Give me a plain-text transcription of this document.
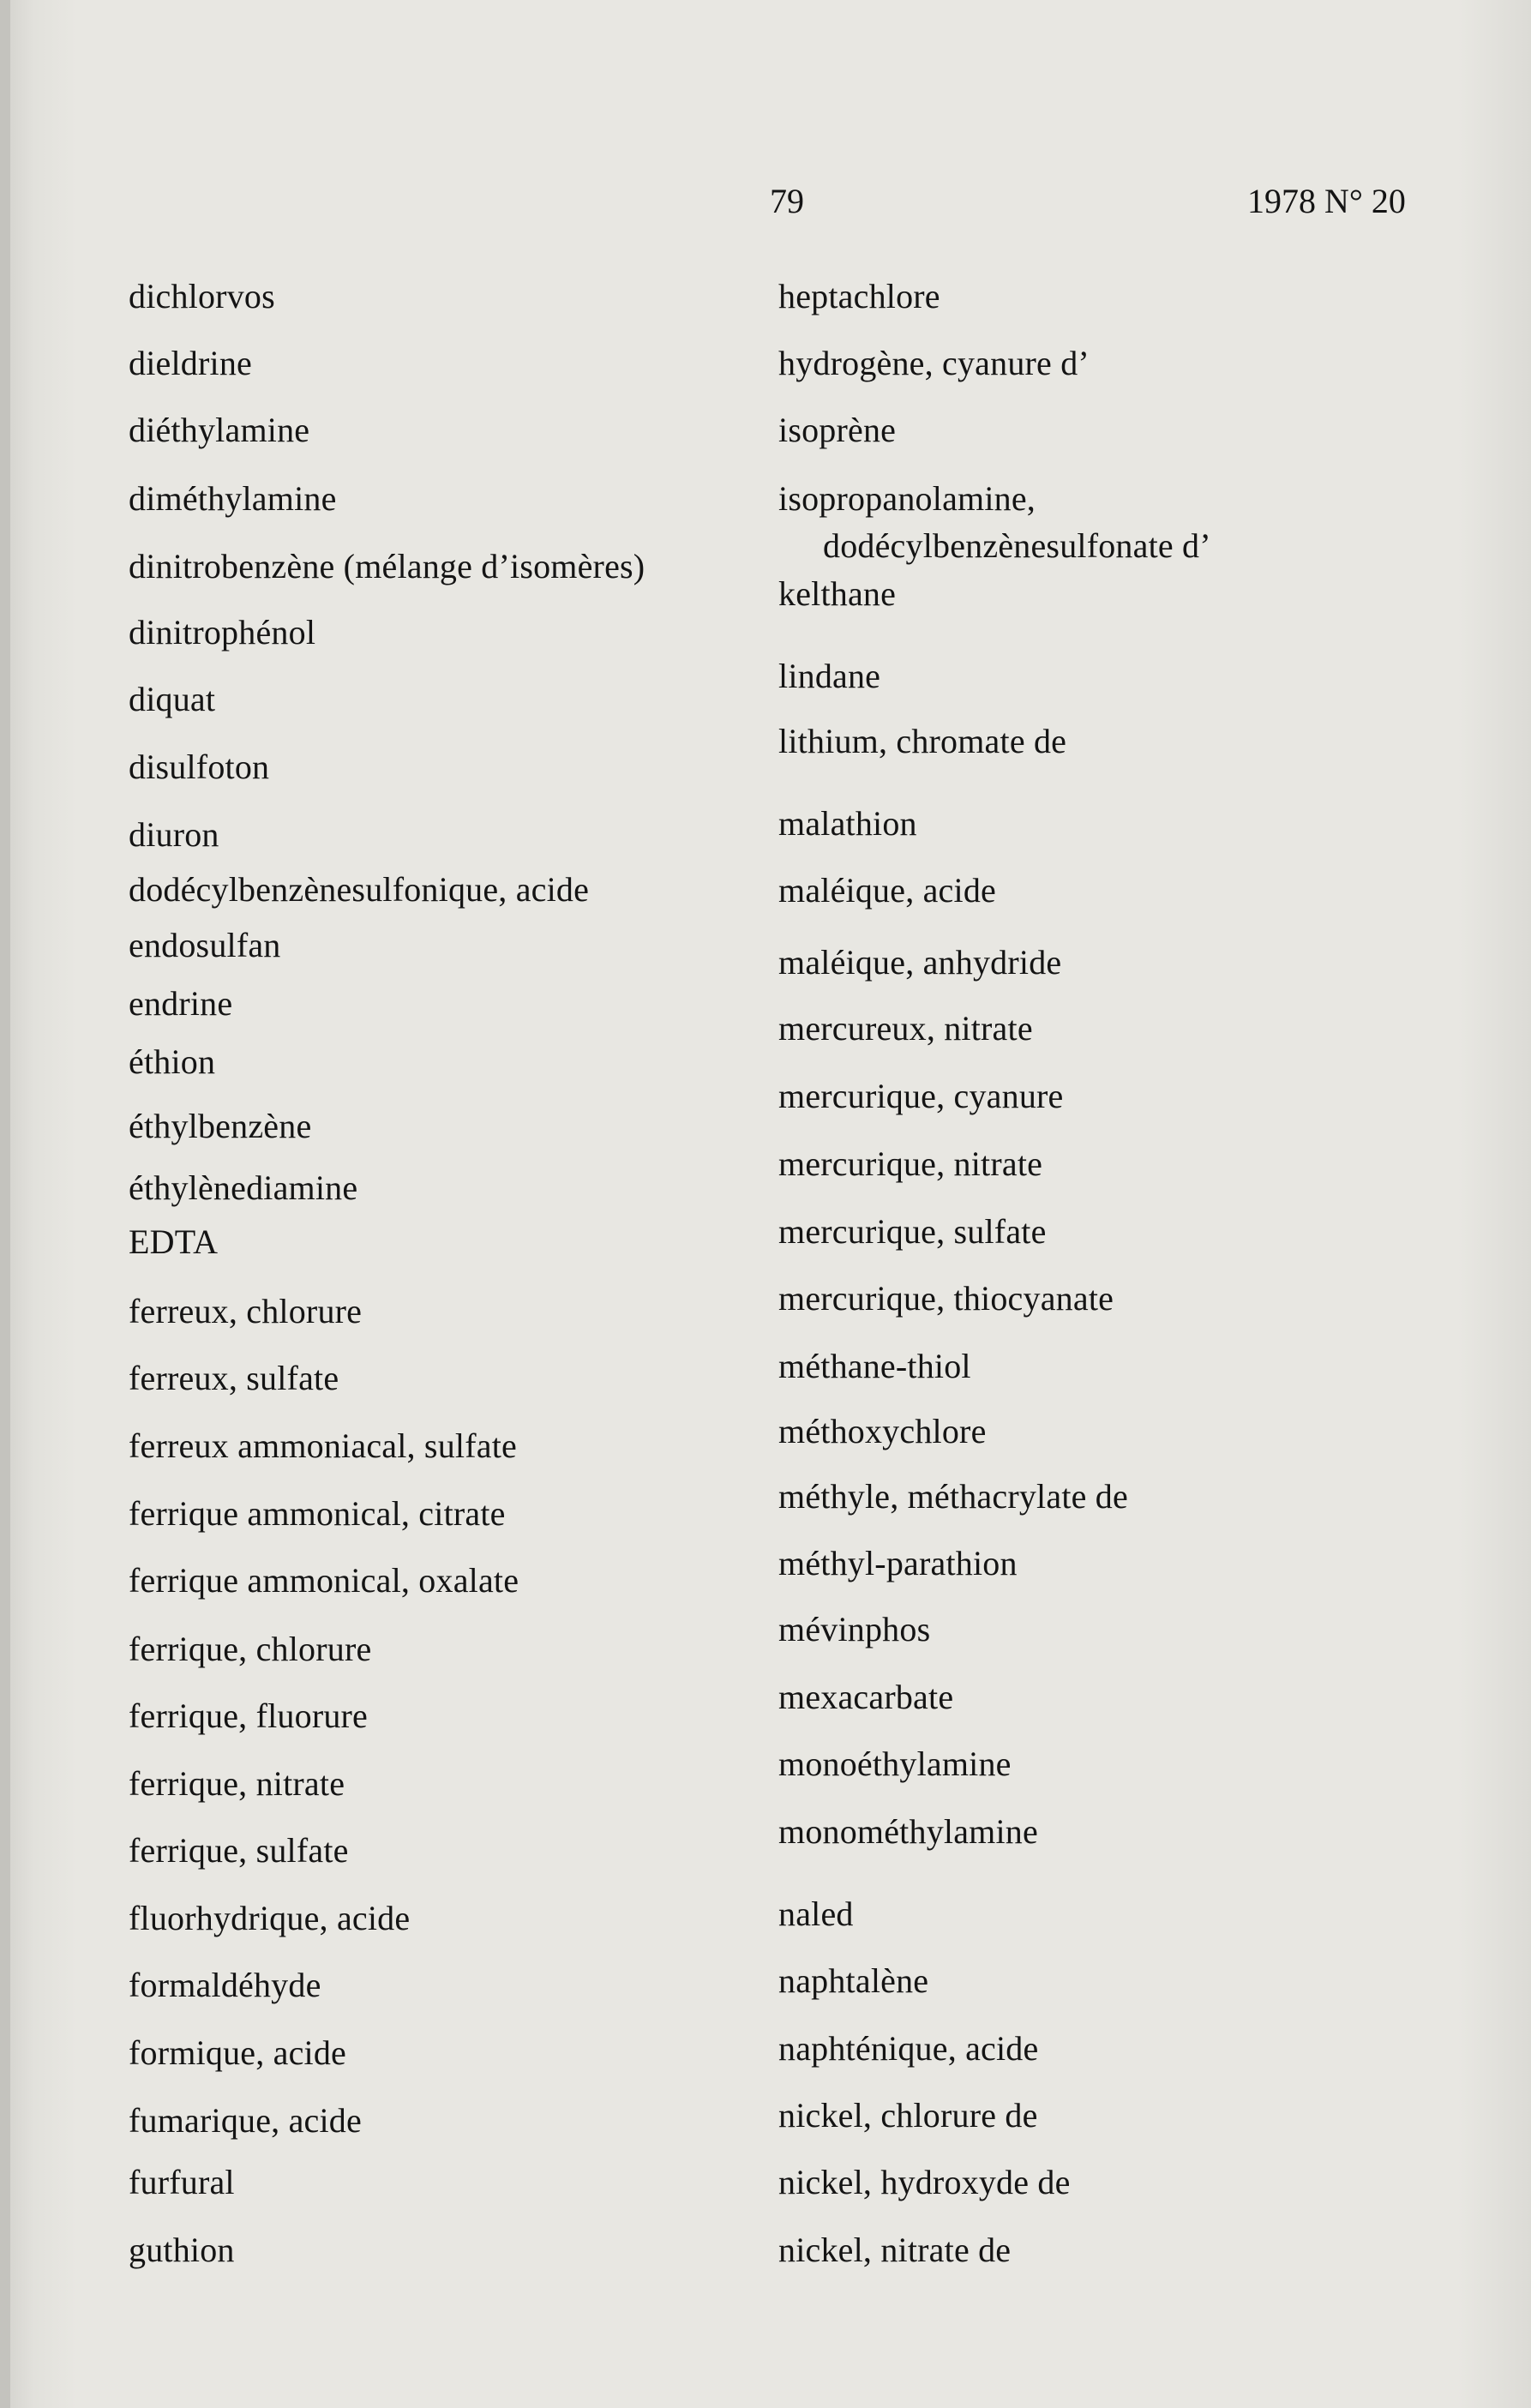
79	1978 N° 20
dichlorvos
dieldrine
diéthylamine
diméthylamine
dinitrobenzène (mélange d’isomères)
dinitrophénol
diquat
disulfoton
diuron
dodécylbenzènesulfonique, acide
endosulfan
endrine
éthion
éthylbenzène
éthylènediamine
EDTA
ferreux, chlorure
ferreux, sulfate
ferreux ammoniacal, sulfate
ferrique ammonical, citrate
ferrique ammonical, oxalate
ferrique, chlorure
ferrique, fluorure
ferrique, nitrate
ferrique, sulfate
fluorhydrique, acide
formaldéhyde
formique, acide
fumarique, acide
furfural
guthion
heptachlore
hydrogène, cyanure d’
isoprène
isopropanolamine,
dodécylbenzènesulfonate d’
kelthane
lindane
lithium, chromate de
malathion
maléique, acide
maléique, anhydride
mercureux, nitrate
mercurique, cyanure
mercurique, nitrate
mercurique, sulfate
mercurique, thiocyanate
méthane-thiol
méthoxychlore
méthyle, méthacrylate de
méthyl-parathion
mévinphos
mexacarbate
monoéthylamine
monométhylamine
naled
naphtalène
naphténique, acide
nickel, chlorure de
nickel, hydroxyde de
nickel, nitrate de
